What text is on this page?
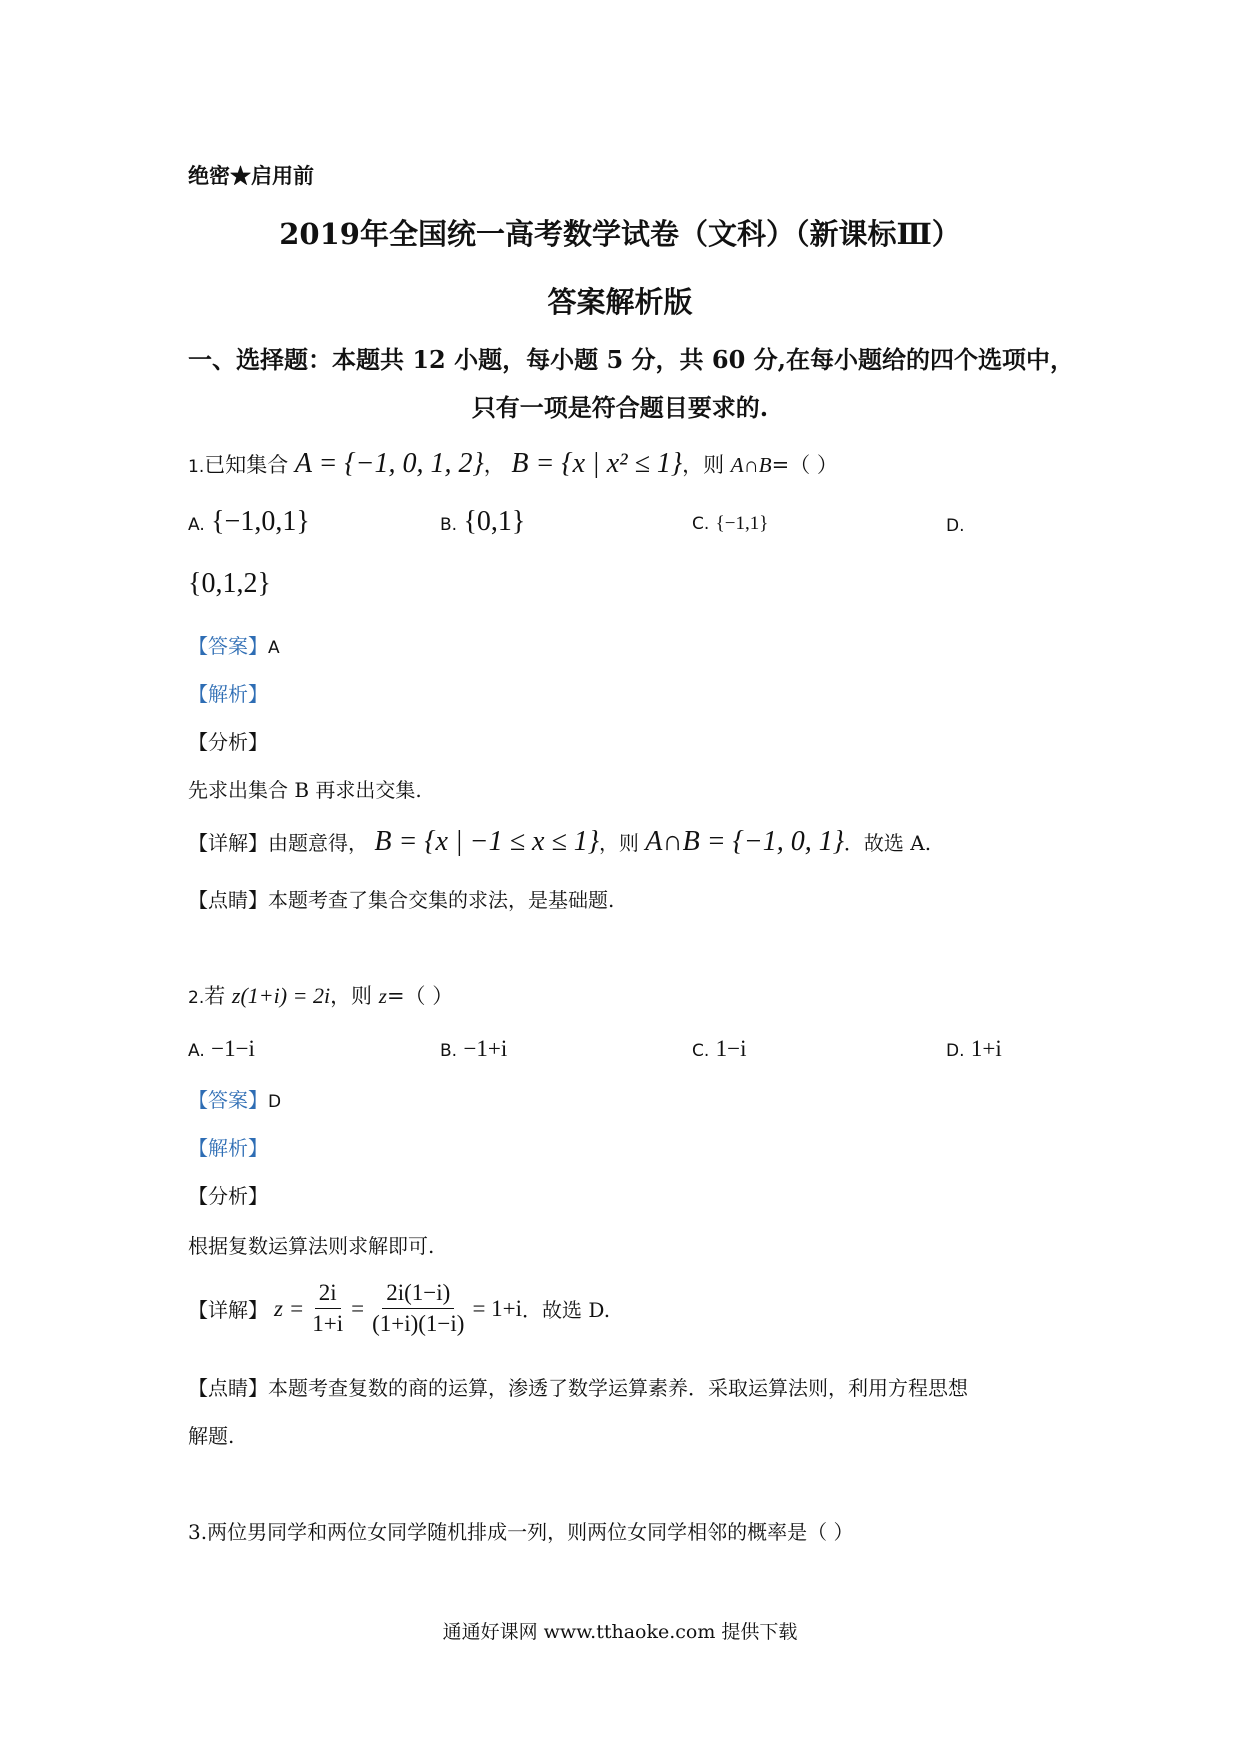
绝密★启用前
2019年全国统一高考数学试卷（文科）（新课标Ⅲ）
答案解析版
一、选择题：本题共 12 小题，每小题 5 分，共 60 分,在每小题给的四个选项中，
只有一项是符合题目要求的.
1.已知集合 A = {−1, 0, 1, 2}， B = {x | x² ≤ 1}，则 A∩B=（ ）
A. {−1,0,1}	B. {0,1}	C. {−1,1}	D.
{0,1,2}
【答案】A
【解析】
【分析】
先求出集合 B 再求出交集.
【详解】由题意得， B = {x | −1 ≤ x ≤ 1}，则 A∩B = {−1, 0, 1}．故选 A.
【点睛】本题考查了集合交集的求法，是基础题.
2.若 z(1+i) = 2i，则 z=（ ）
A. −1−i	B. −1+i	C. 1−i	D. 1+i
【答案】D
【解析】
【分析】
根据复数运算法则求解即可.
【详解】 $z = \frac{2i}{1+i} = \frac{2i(1-i)}{(1+i)(1-i)} = 1+i$ ．故选 D.
【点睛】本题考查复数的商的运算，渗透了数学运算素养．采取运算法则，利用方程思想
解题.
3.两位男同学和两位女同学随机排成一列，则两位女同学相邻的概率是（ ）
通通好课网 www.tthaoke.com 提供下载
